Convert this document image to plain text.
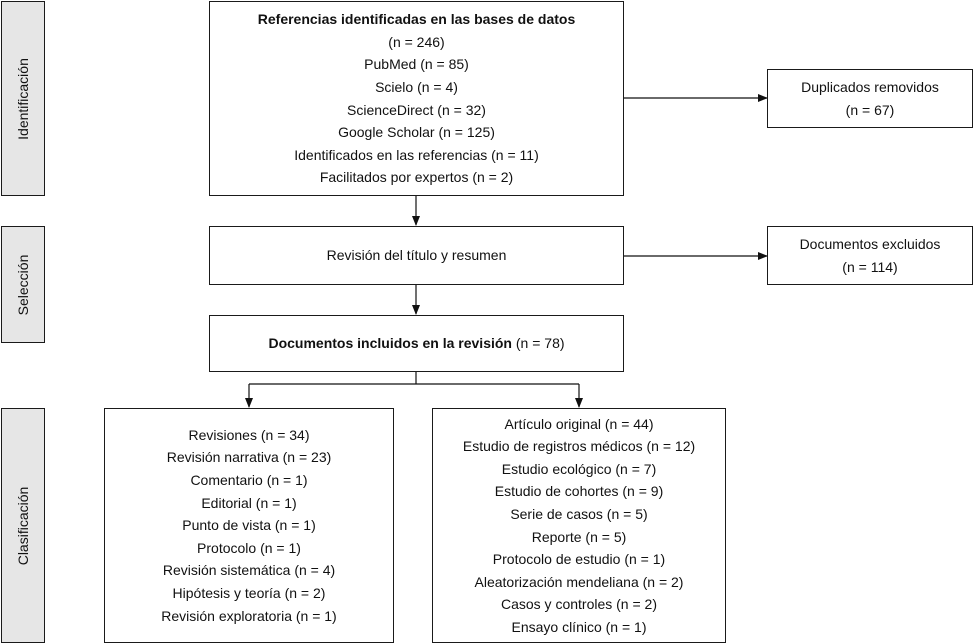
Identificación
Selección
Clasificación
Referencias identificadas en las bases de datos
(n = 246)
PubMed (n = 85)
Scielo (n = 4)
ScienceDirect (n = 32)
Google Scholar (n = 125)
Identificados en las referencias (n = 11)
Facilitados por expertos (n = 2)
Duplicados removidos
(n = 67)
Revisión del título y resumen
Documentos excluidos
(n = 114)
Documentos incluidos en la revisión (n = 78)
Revisiones (n = 34)
Revisión narrativa (n = 23)
Comentario (n = 1)
Editorial (n = 1)
Punto de vista (n = 1)
Protocolo (n = 1)
Revisión sistemática (n = 4)
Hipótesis y teoría (n = 2)
Revisión exploratoria (n = 1)
Artículo original (n = 44)
Estudio de registros médicos (n = 12)
Estudio ecológico (n = 7)
Estudio de cohortes (n = 9)
Serie de casos (n = 5)
Reporte (n = 5)
Protocolo de estudio (n = 1)
Aleatorización mendeliana (n = 2)
Casos y controles (n = 2)
Ensayo clínico (n = 1)
